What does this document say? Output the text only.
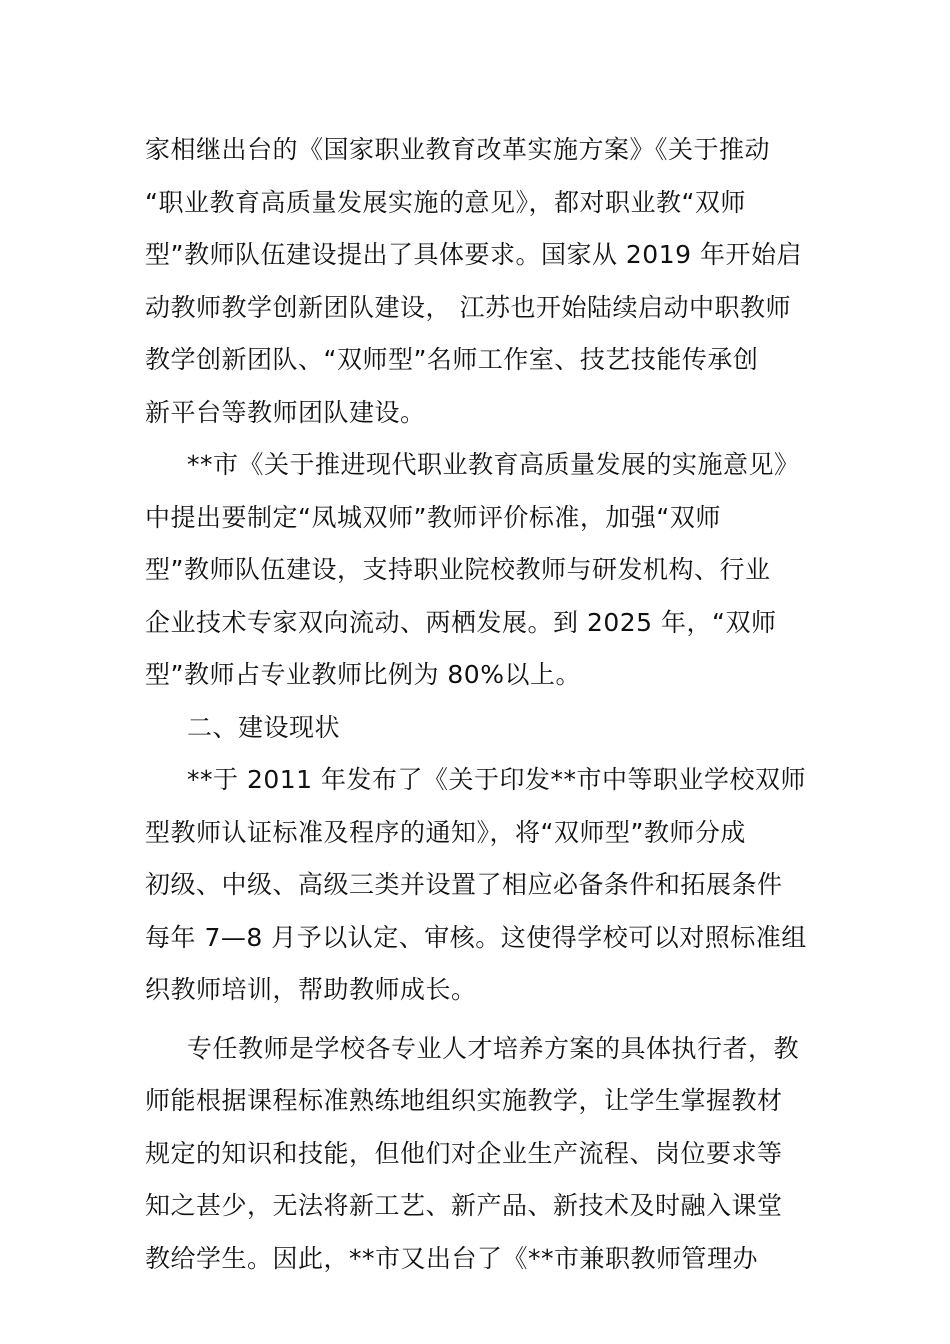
家相继出台的《国家职业教育改革实施方案》《关于推动
“职业教育高质量发展实施的意见》，都对职业教“双师
型”教师队伍建设提出了具体要求。国家从 2019 年开始启
动教师教学创新团队建设， 江苏也开始陆续启动中职教师
教学创新团队、“双师型”名师工作室、技艺技能传承创
新平台等教师团队建设。
**市《关于推进现代职业教育高质量发展的实施意见》
中提出要制定“凤城双师”教师评价标准，加强“双师
型”教师队伍建设，支持职业院校教师与研发机构、行业
企业技术专家双向流动、两栖发展。到 2025 年，“双师
型”教师占专业教师比例为 80%以上。
二、建设现状
**于 2011 年发布了《关于印发**市中等职业学校双师
型教师认证标准及程序的通知》，将“双师型”教师分成
初级、中级、高级三类并设置了相应必备条件和拓展条件
每年 7—8 月予以认定、审核。这使得学校可以对照标准组
织教师培训，帮助教师成长。
专任教师是学校各专业人才培养方案的具体执行者，教
师能根据课程标准熟练地组织实施教学，让学生掌握教材
规定的知识和技能，但他们对企业生产流程、岗位要求等
知之甚少，无法将新工艺、新产品、新技术及时融入课堂
教给学生。因此，**市又出台了《**市兼职教师管理办
